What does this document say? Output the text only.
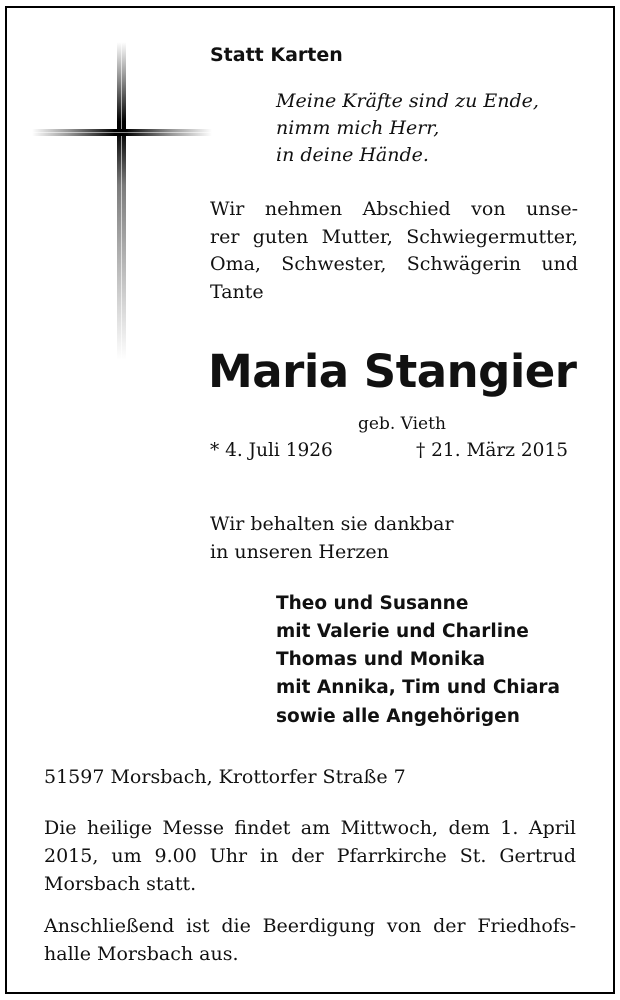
Statt Karten
Meine Kräfte sind zu Ende,
nimm mich Herr,
in deine Hände.
Wir nehmen Abschied von unse-
rer guten Mutter, Schwiegermutter,
Oma, Schwester, Schwägerin und
Tante
Maria Stangier
geb. Vieth
* 4. Juli 1926	† 21. März 2015
Wir behalten sie dankbar
in unseren Herzen
Theo und Susanne
mit Valerie und Charline
Thomas und Monika
mit Annika, Tim und Chiara
sowie alle Angehörigen
51597 Morsbach, Krottorfer Straße 7
Die heilige Messe findet am Mittwoch, dem 1. April
2015, um 9.00 Uhr in der Pfarrkirche St. Gertrud
Morsbach statt.
Anschließend ist die Beerdigung von der Friedhofs-
halle Morsbach aus.
